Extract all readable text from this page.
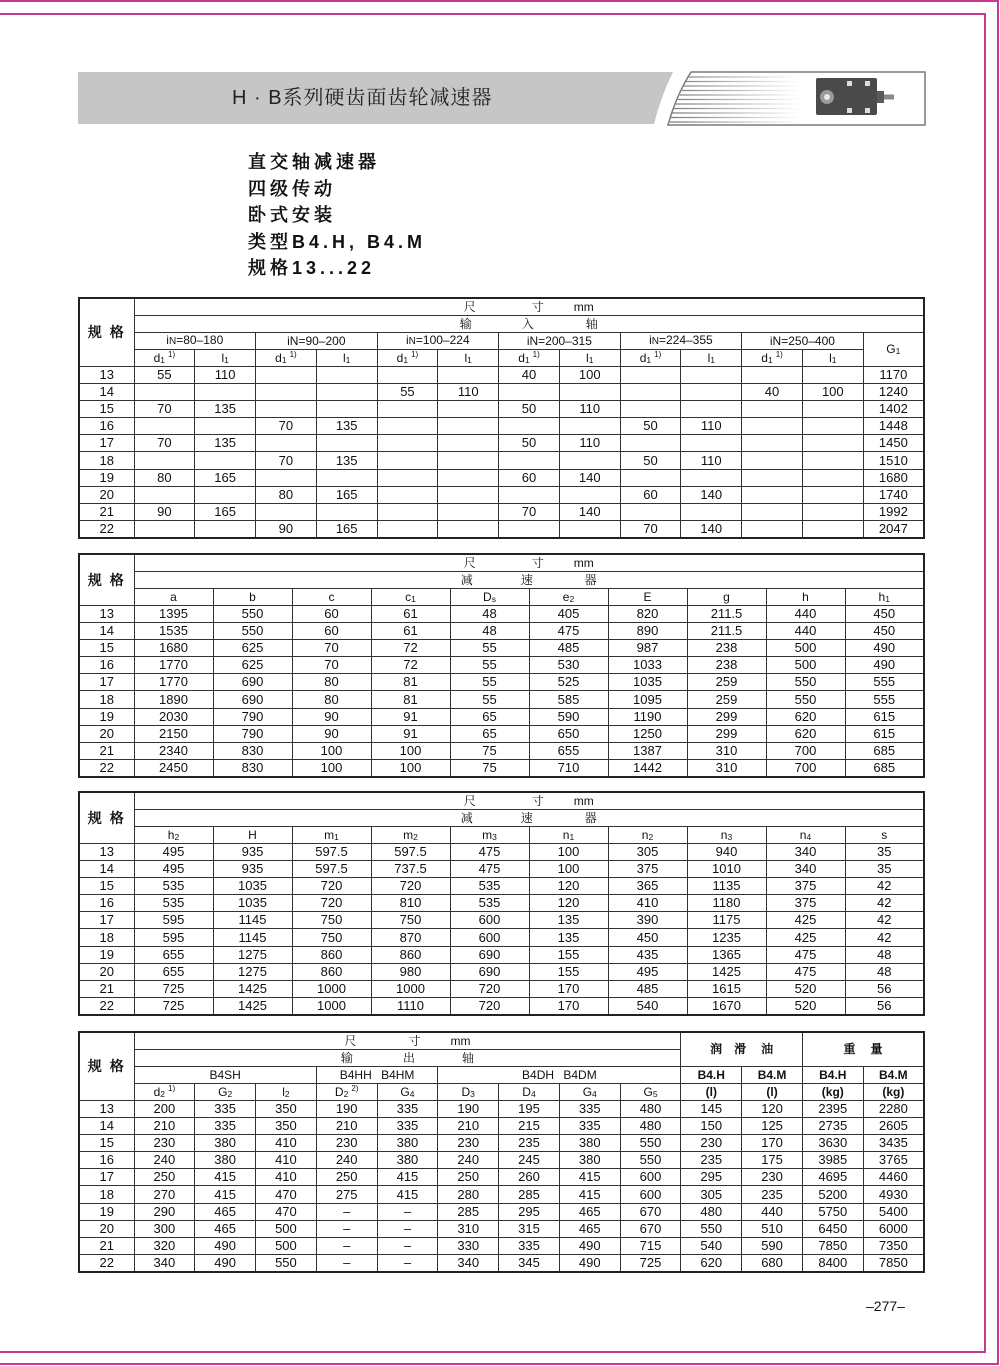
H · B系列硬齿面齿轮减速器
直交轴减速器
四级传动
卧式安装
类型B4.H, B4.M
规格13...22
规格	尺 寸 mm												
	输 入 轴												
	iN=80–180		iN=90–200		iN=100–224		iN=200–315		iN=224–355		iN=250–400		G1
	d1$^{1)}$	l1	d1$^{1)}$	l1	d1$^{1)}$	l1	d1$^{1)}$	l1	d1$^{1)}$	l1	d1$^{1)}$	l1	
13	55	110					40	100					1170
14					55	110					40	100	1240
15	70	135					50	110					1402
16			70	135					50	110			1448
17	70	135					50	110					1450
18			70	135					50	110			1510
19	80	165					60	140					1680
20			80	165					60	140			1740
21	90	165					70	140					1992
22			90	165					70	140			2047
规格	尺 寸 mm									
	减 速 器									
	a	b	c	c1	Ds	e2	E	g	h	h1
13	1395	550	60	61	48	405	820	211.5	440	450
14	1535	550	60	61	48	475	890	211.5	440	450
15	1680	625	70	72	55	485	987	238	500	490
16	1770	625	70	72	55	530	1033	238	500	490
17	1770	690	80	81	55	525	1035	259	550	555
18	1890	690	80	81	55	585	1095	259	550	555
19	2030	790	90	91	65	590	1190	299	620	615
20	2150	790	90	91	65	650	1250	299	620	615
21	2340	830	100	100	75	655	1387	310	700	685
22	2450	830	100	100	75	710	1442	310	700	685
规格	尺 寸 mm									
	减 速 器									
	h2	H	m1	m2	m3	n1	n2	n3	n4	s
13	495	935	597.5	597.5	475	100	305	940	340	35
14	495	935	597.5	737.5	475	100	375	1010	340	35
15	535	1035	720	720	535	120	365	1135	375	42
16	535	1035	720	810	535	120	410	1180	375	42
17	595	1145	750	750	600	135	390	1175	425	42
18	595	1145	750	870	600	135	450	1235	425	42
19	655	1275	860	860	690	155	435	1365	475	48
20	655	1275	860	980	690	155	495	1425	475	48
21	725	1425	1000	1000	720	170	485	1615	520	56
22	725	1425	1000	1110	720	170	540	1670	520	56
规格	尺 寸 mm									润 滑 油		重 量	
	输 出 轴												
	B4SH			B4HH B4HM		B4DH B4DM				B4.H	B4.M	B4.H	B4.M
	d2$^{1)}$	G2	l2	D2$^{2)}$	G4	D3	D4	G4	G5	(l)	(l)	(kg)	(kg)
13	200	335	350	190	335	190	195	335	480	145	120	2395	2280
14	210	335	350	210	335	210	215	335	480	150	125	2735	2605
15	230	380	410	230	380	230	235	380	550	230	170	3630	3435
16	240	380	410	240	380	240	245	380	550	235	175	3985	3765
17	250	415	410	250	415	250	260	415	600	295	230	4695	4460
18	270	415	470	275	415	280	285	415	600	305	235	5200	4930
19	290	465	470	–	–	285	295	465	670	480	440	5750	5400
20	300	465	500	–	–	310	315	465	670	550	510	6450	6000
21	320	490	500	–	–	330	335	490	715	540	590	7850	7350
22	340	490	550	–	–	340	345	490	725	620	680	8400	7850
–277–
